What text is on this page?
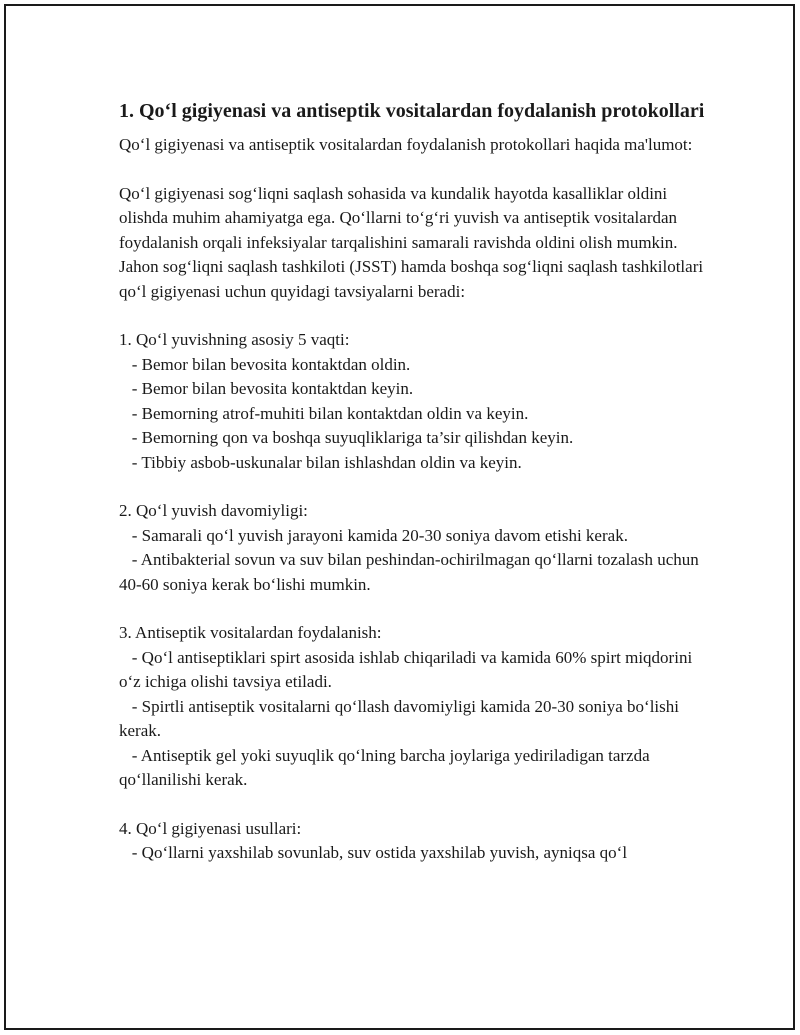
1. Qo‘l gigiyenasi va antiseptik vositalardan foydalanish protokollari

Qo‘l gigiyenasi va antiseptik vositalardan foydalanish protokollari haqida ma'lumot:

Qo‘l gigiyenasi sog‘liqni saqlash sohasida va kundalik hayotda kasalliklar oldini olishda muhim ahamiyatga ega. Qo‘llarni to‘g‘ri yuvish va antiseptik vositalardan foydalanish orqali infeksiyalar tarqalishini samarali ravishda oldini olish mumkin. Jahon sog‘liqni saqlash tashkiloti (JSST) hamda boshqa sog‘liqni saqlash tashkilotlari qo‘l gigiyenasi uchun quyidagi tavsiyalarni beradi:

1. Qo‘l yuvishning asosiy 5 vaqti:

- Bemor bilan bevosita kontaktdan oldin.

- Bemor bilan bevosita kontaktdan keyin.

- Bemorning atrof-muhiti bilan kontaktdan oldin va keyin.

- Bemorning qon va boshqa suyuqliklariga ta’sir qilishdan keyin.

- Tibbiy asbob-uskunalar bilan ishlashdan oldin va keyin.

2. Qo‘l yuvish davomiyligi:

- Samarali qo‘l yuvish jarayoni kamida 20-30 soniya davom etishi kerak.

- Antibakterial sovun va suv bilan peshindan-ochirilmagan qo‘llarni tozalash uchun 40-60 soniya kerak bo‘lishi mumkin.

3. Antiseptik vositalardan foydalanish:

- Qo‘l antiseptiklari spirt asosida ishlab chiqariladi va kamida 60% spirt miqdorini o‘z ichiga olishi tavsiya etiladi.

- Spirtli antiseptik vositalarni qo‘llash davomiyligi kamida 20-30 soniya bo‘lishi kerak.

- Antiseptik gel yoki suyuqlik qo‘lning barcha joylariga yediriladigan tarzda qo‘llanilishi kerak.

4. Qo‘l gigiyenasi usullari:

- Qo‘llarni yaxshilab sovunlab, suv ostida yaxshilab yuvish, ayniqsa qo‘l
